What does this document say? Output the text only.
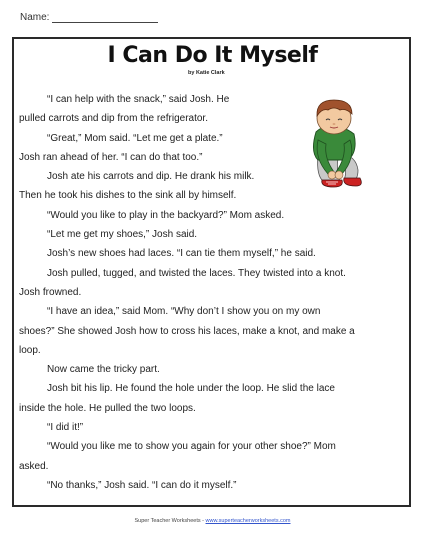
Name:
I Can Do It Myself
by Katie Clark

“I can help with the snack,” said Josh. He

pulled carrots and dip from the refrigerator.

“Great,” Mom said. “Let me get a plate.”

Josh ran ahead of her. “I can do that too.”

Josh ate his carrots and dip. He drank his milk.

Then he took his dishes to the sink all by himself.

“Would you like to play in the backyard?” Mom asked.

“Let me get my shoes,” Josh said.

Josh’s new shoes had laces. “I can tie them myself,” he said.

Josh pulled, tugged, and twisted the laces. They twisted into a knot.

Josh frowned.

“I have an idea,” said Mom. “Why don’t I show you on my own

shoes?” She showed Josh how to cross his laces, make a knot, and make a

loop.

Now came the tricky part.

Josh bit his lip. He found the hole under the loop. He slid the lace

inside the hole. He pulled the two loops.

“I did it!”

“Would you like me to show you again for your other shoe?” Mom

asked.

“No thanks,” Josh said. “I can do it myself.”

Super Teacher Worksheets - www.superteacherworksheets.com
